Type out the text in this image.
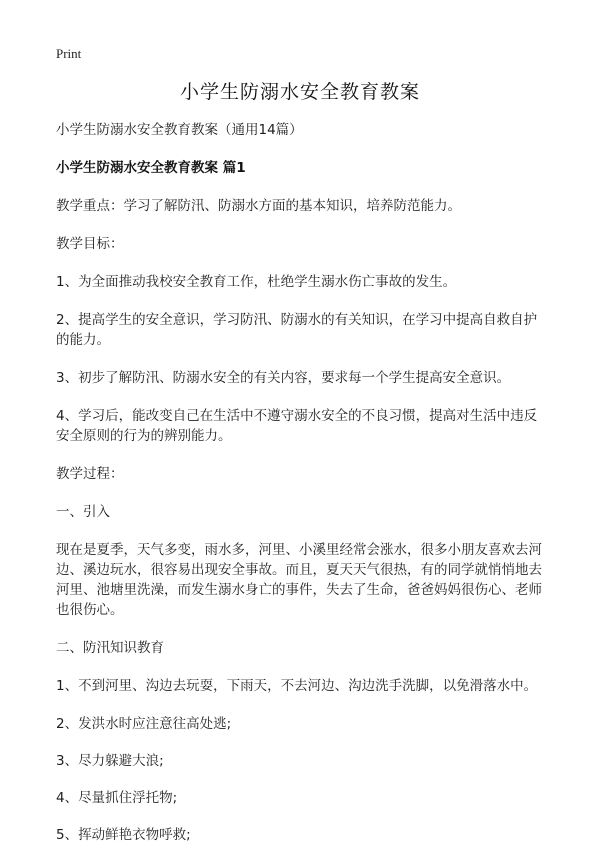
Print
小学生防溺水安全教育教案

小学生防溺水安全教育教案（通用14篇）

小学生防溺水安全教育教案 篇1

教学重点：学习了解防汛、防溺水方面的基本知识，培养防范能力。

教学目标：

1、为全面推动我校安全教育工作，杜绝学生溺水伤亡事故的发生。

2、提高学生的安全意识，学习防汛、防溺水的有关知识，在学习中提高自救自护的能力。

3、初步了解防汛、防溺水安全的有关内容，要求每一个学生提高安全意识。

4、学习后，能改变自己在生活中不遵守溺水安全的不良习惯，提高对生活中违反安全原则的行为的辨别能力。

教学过程：

一、引入

现在是夏季，天气多变，雨水多，河里、小溪里经常会涨水，很多小朋友喜欢去河边、溪边玩水，很容易出现安全事故。而且，夏天天气很热，有的同学就悄悄地去河里、池塘里洗澡，而发生溺水身亡的事件，失去了生命，爸爸妈妈很伤心、老师也很伤心。

二、防汛知识教育

1、不到河里、沟边去玩耍，下雨天，不去河边、沟边洗手洗脚，以免滑落水中。

2、发洪水时应注意往高处逃;

3、尽力躲避大浪;

4、尽量抓住浮托物;

5、挥动鲜艳衣物呼救;
